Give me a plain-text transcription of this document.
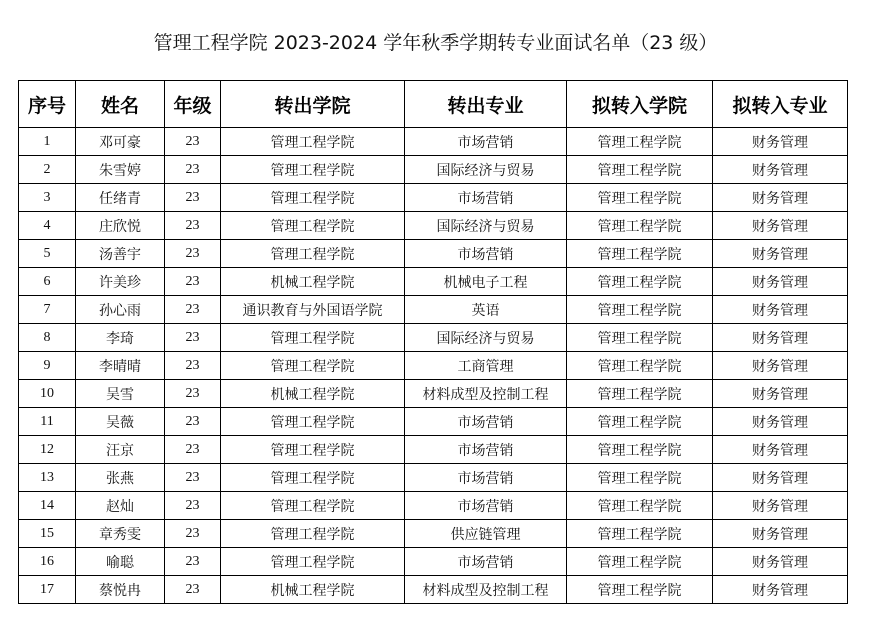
管理工程学院 2023-2024 学年秋季学期转专业面试名单（23 级）
序号	姓名	年级	转出学院	转出专业	拟转入学院	拟转入专业
1	邓可豪	23	管理工程学院	市场营销	管理工程学院	财务管理
2	朱雪婷	23	管理工程学院	国际经济与贸易	管理工程学院	财务管理
3	任绪青	23	管理工程学院	市场营销	管理工程学院	财务管理
4	庄欣悦	23	管理工程学院	国际经济与贸易	管理工程学院	财务管理
5	汤善宇	23	管理工程学院	市场营销	管理工程学院	财务管理
6	许美珍	23	机械工程学院	机械电子工程	管理工程学院	财务管理
7	孙心雨	23	通识教育与外国语学院	英语	管理工程学院	财务管理
8	李琦	23	管理工程学院	国际经济与贸易	管理工程学院	财务管理
9	李晴晴	23	管理工程学院	工商管理	管理工程学院	财务管理
10	吴雪	23	机械工程学院	材料成型及控制工程	管理工程学院	财务管理
11	吴薇	23	管理工程学院	市场营销	管理工程学院	财务管理
12	汪京	23	管理工程学院	市场营销	管理工程学院	财务管理
13	张燕	23	管理工程学院	市场营销	管理工程学院	财务管理
14	赵灿	23	管理工程学院	市场营销	管理工程学院	财务管理
15	章秀雯	23	管理工程学院	供应链管理	管理工程学院	财务管理
16	喻聪	23	管理工程学院	市场营销	管理工程学院	财务管理
17	蔡悦冉	23	机械工程学院	材料成型及控制工程	管理工程学院	财务管理
